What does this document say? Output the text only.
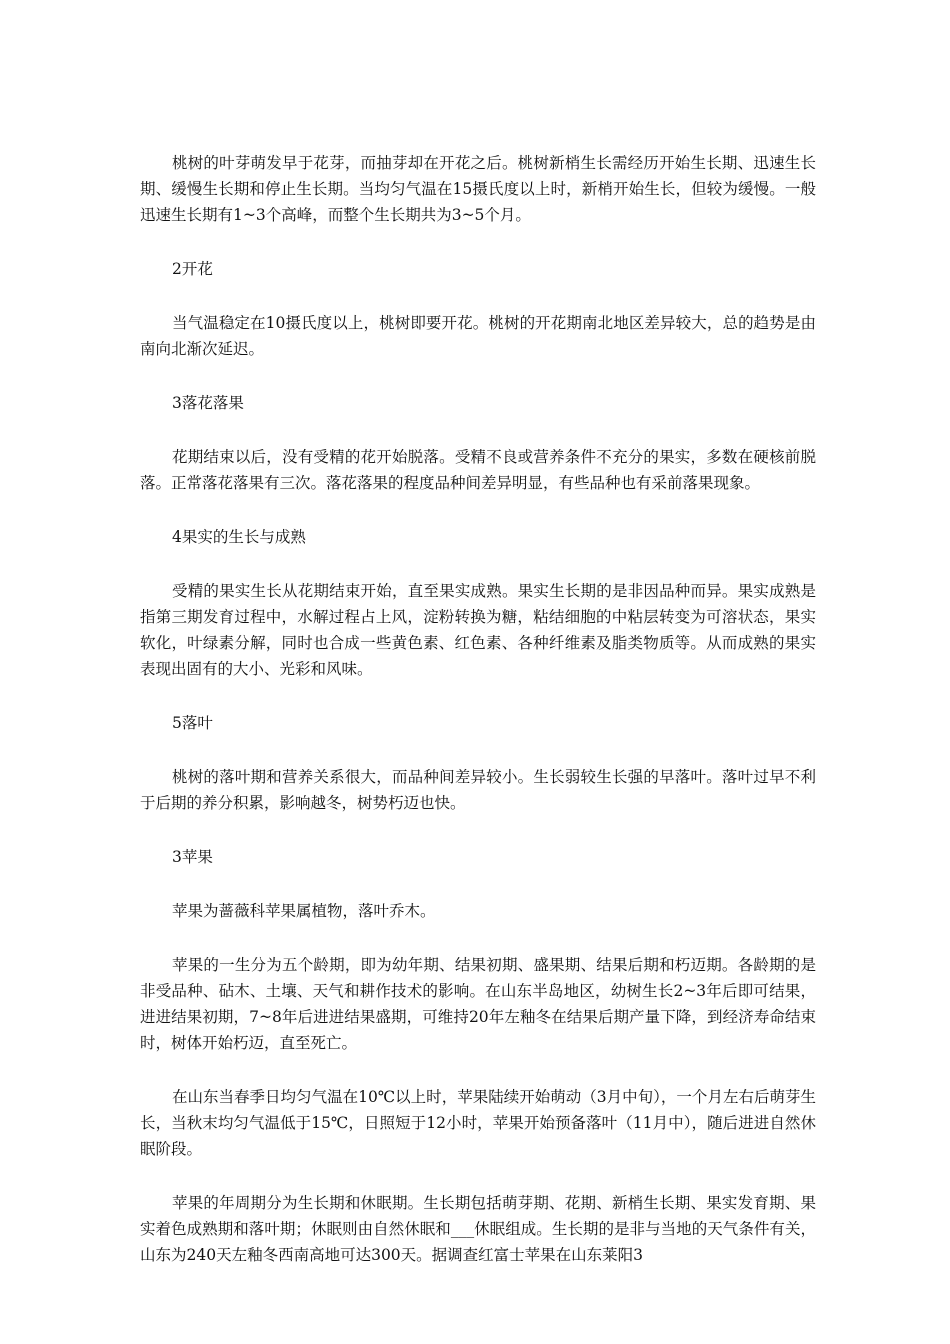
桃树的叶芽萌发早于花芽，而抽芽却在开花之后。桃树新梢生长需经历开始生长期、迅速生长期、缓慢生长期和停止生长期。当均匀气温在15摄氏度以上时，新梢开始生长，但较为缓慢。一般迅速生长期有1~3个高峰，而整个生长期共为3~5个月。

2开花

当气温稳定在10摄氏度以上，桃树即要开花。桃树的开花期南北地区差异较大，总的趋势是由南向北渐次延迟。

3落花落果

花期结束以后，没有受精的花开始脱落。受精不良或营养条件不充分的果实，多数在硬核前脱落。正常落花落果有三次。落花落果的程度品种间差异明显，有些品种也有采前落果现象。

4果实的生长与成熟

受精的果实生长从花期结束开始，直至果实成熟。果实生长期的是非因品种而异。果实成熟是指第三期发育过程中，水解过程占上风，淀粉转换为糖，粘结细胞的中粘层转变为可溶状态，果实软化，叶绿素分解，同时也合成一些黄色素、红色素、各种纤维素及脂类物质等。从而成熟的果实表现出固有的大小、光彩和风味。

5落叶

桃树的落叶期和营养关系很大，而品种间差异较小。生长弱较生长强的早落叶。落叶过早不利于后期的养分积累，影响越冬，树势朽迈也快。

3苹果

苹果为蔷薇科苹果属植物，落叶乔木。

苹果的一生分为五个龄期，即为幼年期、结果初期、盛果期、结果后期和朽迈期。各龄期的是非受品种、砧木、土壤、天气和耕作技术的影响。在山东半岛地区，幼树生长2~3年后即可结果，进进结果初期，7~8年后进进结果盛期，可维持20年左釉冬在结果后期产量下降，到经济寿命结束时，树体开始朽迈，直至死亡。

在山东当春季日均匀气温在10℃以上时，苹果陆续开始萌动（3月中旬），一个月左右后萌芽生长，当秋末均匀气温低于15℃，日照短于12小时，苹果开始预备落叶（11月中），随后进进自然休眠阶段。

苹果的年周期分为生长期和休眠期。生长期包括萌芽期、花期、新梢生长期、果实发育期、果实着色成熟期和落叶期；休眠则由自然休眠和___休眠组成。生长期的是非与当地的天气条件有关，山东为240天左釉冬西南高地可达300天。据调查红富士苹果在山东莱阳3
